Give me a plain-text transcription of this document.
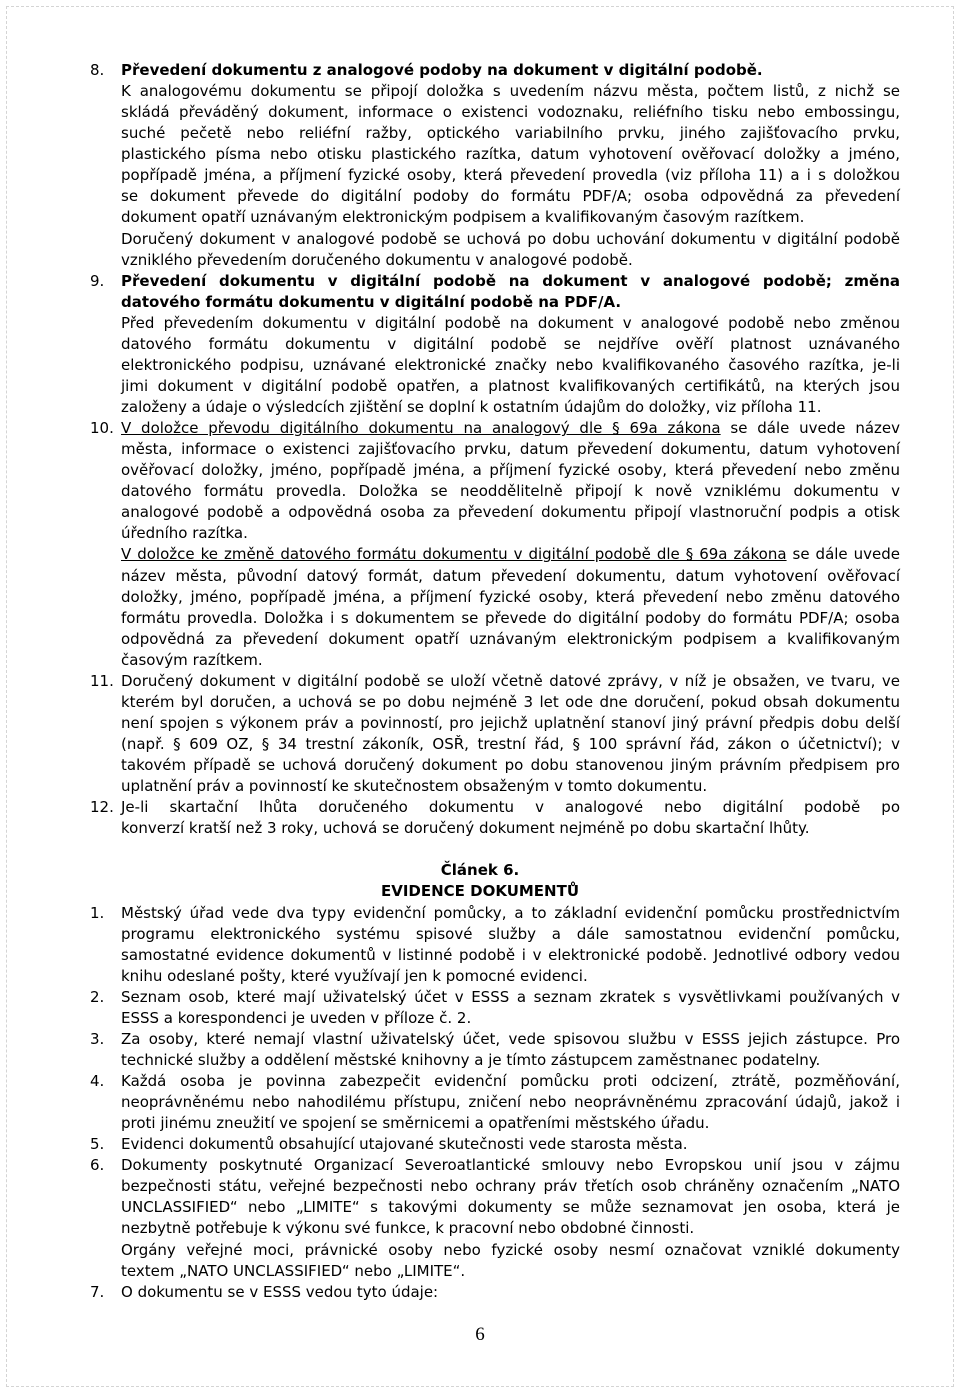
8. Převedení dokumentu z analogové podoby na dokument v digitální podobě.
K analogovému dokumentu se připojí doložka s uvedením názvu města, počtem listů, z nichž se
skládá převáděný dokument, informace o existenci vodoznaku, reliéfního tisku nebo embossingu,
suché pečetě nebo reliéfní ražby, optického variabilního prvku, jiného zajišťovacího prvku,
plastického písma nebo otisku plastického razítka, datum vyhotovení ověřovací doložky a jméno,
popřípadě jména, a příjmení fyzické osoby, která převedení provedla (viz příloha 11) a i s doložkou
se dokument převede do digitální podoby do formátu PDF/A; osoba odpovědná za převedení
dokument opatří uznávaným elektronickým podpisem a kvalifikovaným časovým razítkem.
Doručený dokument v analogové podobě se uchová po dobu uchování dokumentu v digitální podobě
vzniklého převedením doručeného dokumentu v analogové podobě.
9. Převedení dokumentu v digitální podobě na dokument v analogové podobě; změna
datového formátu dokumentu v digitální podobě na PDF/A.
Před převedením dokumentu v digitální podobě na dokument v analogové podobě nebo změnou
datového formátu dokumentu v digitální podobě se nejdříve ověří platnost uznávaného
elektronického podpisu, uznávané elektronické značky nebo kvalifikovaného časového razítka, je-li
jimi dokument v digitální podobě opatřen, a platnost kvalifikovaných certifikátů, na kterých jsou
založeny a údaje o výsledcích zjištění se doplní k ostatním údajům do doložky, viz příloha 11.
10. V doložce převodu digitálního dokumentu na analogový dle § 69a zákona se dále uvede název
města, informace o existenci zajišťovacího prvku, datum převedení dokumentu, datum vyhotovení
ověřovací doložky, jméno, popřípadě jména, a příjmení fyzické osoby, která převedení nebo změnu
datového formátu provedla. Doložka se neoddělitelně připojí k nově vzniklému dokumentu v
analogové podobě a odpovědná osoba za převedení dokumentu připojí vlastnoruční podpis a otisk
úředního razítka.
V doložce ke změně datového formátu dokumentu v digitální podobě dle § 69a zákona se dále uvede
název města, původní datový formát, datum převedení dokumentu, datum vyhotovení ověřovací
doložky, jméno, popřípadě jména, a příjmení fyzické osoby, která převedení nebo změnu datového
formátu provedla. Doložka i s dokumentem se převede do digitální podoby do formátu PDF/A; osoba
odpovědná za převedení dokument opatří uznávaným elektronickým podpisem a kvalifikovaným
časovým razítkem.
11. Doručený dokument v digitální podobě se uloží včetně datové zprávy, v níž je obsažen, ve tvaru, ve
kterém byl doručen, a uchová se po dobu nejméně 3 let ode dne doručení, pokud obsah dokumentu
není spojen s výkonem práv a povinností, pro jejichž uplatnění stanoví jiný právní předpis dobu delší
(např. § 609 OZ, § 34 trestní zákoník, OSŘ, trestní řád, § 100 správní řád, zákon o účetnictví); v
takovém případě se uchová doručený dokument po dobu stanovenou jiným právním předpisem pro
uplatnění práv a povinností ke skutečnostem obsaženým v tomto dokumentu.
12. Je-li skartační lhůta doručeného dokumentu v analogové nebo digitální podobě po
konverzí kratší než 3 roky, uchová se doručený dokument nejméně po dobu skartační lhůty.
Článek 6.
EVIDENCE DOKUMENTŮ
1. Městský úřad vede dva typy evidenční pomůcky, a to základní evidenční pomůcku prostřednictvím
programu elektronického systému spisové služby a dále samostatnou evidenční pomůcku,
samostatné evidence dokumentů v listinné podobě i v elektronické podobě. Jednotlivé odbory vedou
knihu odeslané pošty, které využívají jen k pomocné evidenci.
2. Seznam osob, které mají uživatelský účet v ESSS a seznam zkratek s vysvětlivkami používaných v
ESSS a korespondenci je uveden v příloze č. 2.
3. Za osoby, které nemají vlastní uživatelský účet, vede spisovou službu v ESSS jejich zástupce. Pro
technické služby a oddělení městské knihovny a je tímto zástupcem zaměstnanec podatelny.
4. Každá osoba je povinna zabezpečit evidenční pomůcku proti odcizení, ztrátě, pozměňování,
neoprávněnému nebo nahodilému přístupu, zničení nebo neoprávněnému zpracování údajů, jakož i
proti jinému zneužití ve spojení se směrnicemi a opatřeními městského úřadu.
5. Evidenci dokumentů obsahující utajované skutečnosti vede starosta města.
6. Dokumenty poskytnuté Organizací Severoatlantické smlouvy nebo Evropskou unií jsou v zájmu
bezpečnosti státu, veřejné bezpečnosti nebo ochrany práv třetích osob chráněny označením „NATO
UNCLASSIFIED“ nebo „LIMITE“ s takovými dokumenty se může seznamovat jen osoba, která je
nezbytně potřebuje k výkonu své funkce, k pracovní nebo obdobné činnosti.
Orgány veřejné moci, právnické osoby nebo fyzické osoby nesmí označovat vzniklé dokumenty
textem „NATO UNCLASSIFIED“ nebo „LIMITE“.
7. O dokumentu se v ESSS vedou tyto údaje:
6
